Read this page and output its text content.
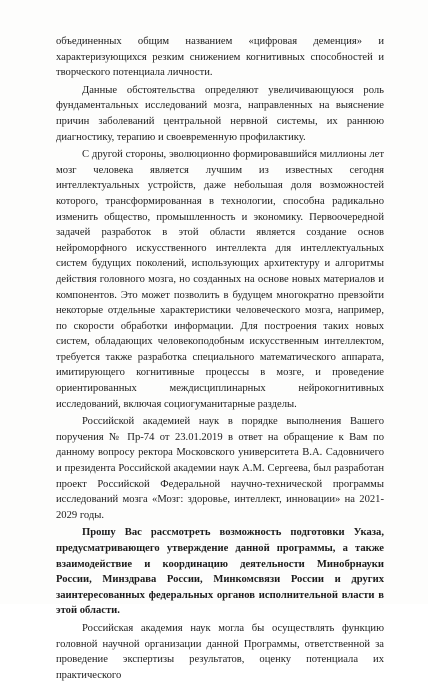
объединенных общим названием «цифровая деменция» и характеризующихся резким снижением когнитивных способностей и творческого потенциала личности.

Данные обстоятельства определяют увеличивающуюся роль фундаментальных исследований мозга, направленных на выяснение причин заболеваний центральной нервной системы, их раннюю диагностику, терапию и своевременную профилактику.

С другой стороны, эволюционно формировавшийся миллионы лет мозг человека является лучшим из известных сегодня интеллектуальных устройств, даже небольшая доля возможностей которого, трансформированная в технологии, способна радикально изменить общество, промышленность и экономику. Первоочередной задачей разработок в этой области является создание основ нейроморфного искусственного интеллекта для интеллектуальных систем будущих поколений, использующих архитектуру и алгоритмы действия головного мозга, но созданных на основе новых материалов и компонентов. Это может позволить в будущем многократно превзойти некоторые отдельные характеристики человеческого мозга, например, по скорости обработки информации. Для построения таких новых систем, обладающих человекоподобным искусственным интеллектом, требуется также разработка специального математического аппарата, имитирующего когнитивные процессы в мозге, и проведение ориентированных междисциплинарных нейрокогнитивных исследований, включая социогуманитарные разделы.

Российской академией наук в порядке выполнения Вашего поручения № Пр-74 от 23.01.2019 в ответ на обращение к Вам по данному вопросу ректора Московского университета В.А. Садовничего и президента Российской академии наук А.М. Сергеева, был разработан проект Российской Федеральной научно-технической программы исследований мозга «Мозг: здоровье, интеллект, инновации» на 2021-2029 годы.

Прошу Вас рассмотреть возможность подготовки Указа, предусматривающего утверждение данной программы, а также взаимодействие и координацию деятельности Минобрнауки России, Минздрава России, Минкомсвязи России и других заинтересованных федеральных органов исполнительной власти в этой области.

Российская академия наук могла бы осуществлять функцию головной научной организации данной Программы, ответственной за проведение экспертизы результатов, оценку потенциала их практического
